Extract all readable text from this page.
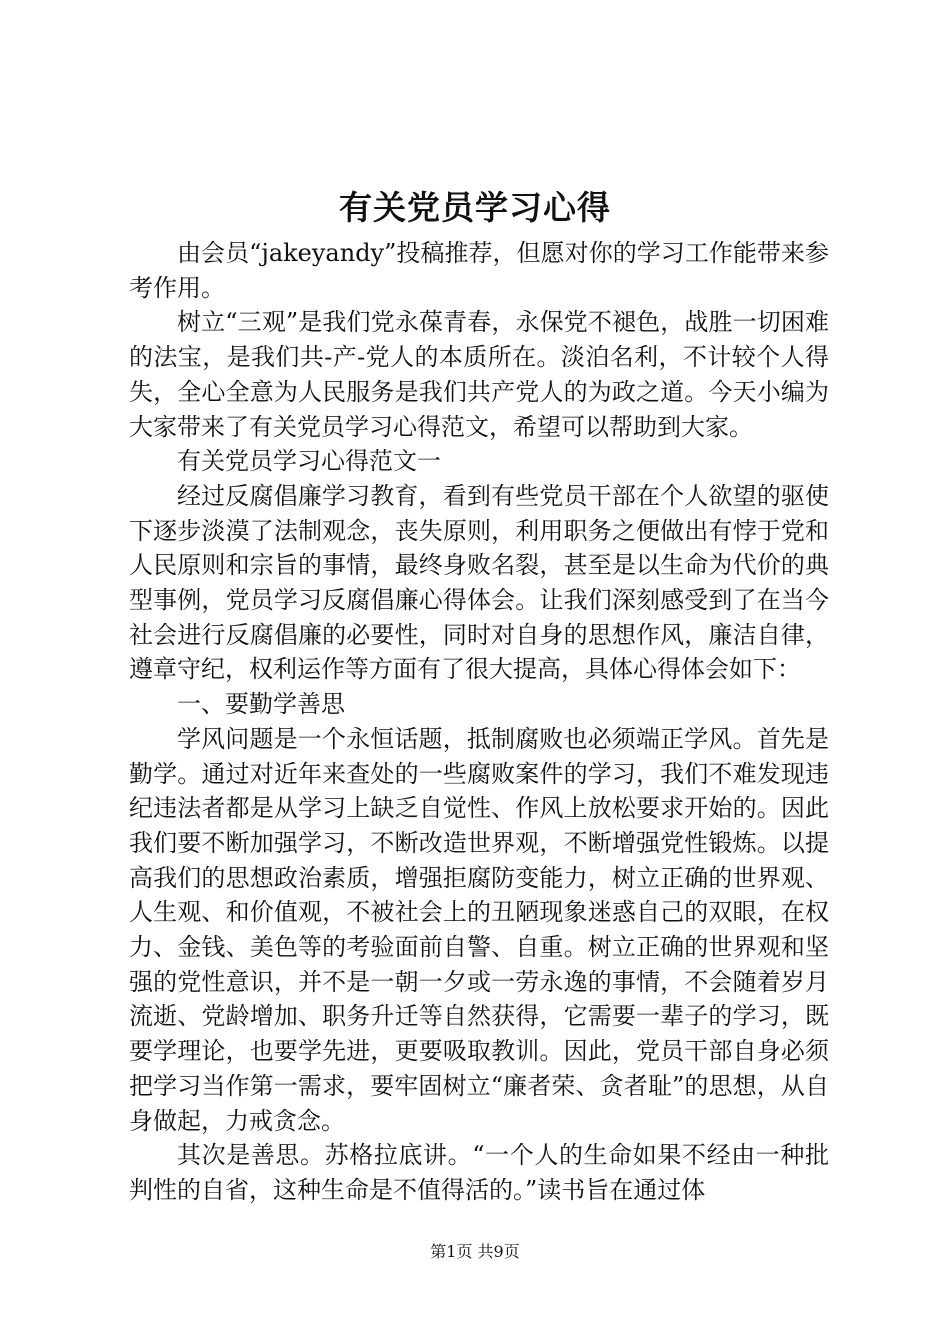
有关党员学习心得

由会员“jakeyandy”投稿推荐，但愿对你的学习工作能带来参考作用。

树立“三观”是我们党永葆青春，永保党不褪色，战胜一切困难的法宝，是我们共-产-党人的本质所在。淡泊名利，不计较个人得失，全心全意为人民服务是我们共产党人的为政之道。今天小编为大家带来了有关党员学习心得范文，希望可以帮助到大家。

有关党员学习心得范文一

经过反腐倡廉学习教育，看到有些党员干部在个人欲望的驱使下逐步淡漠了法制观念，丧失原则，利用职务之便做出有悖于党和人民原则和宗旨的事情，最终身败名裂，甚至是以生命为代价的典型事例，党员学习反腐倡廉心得体会。让我们深刻感受到了在当今社会进行反腐倡廉的必要性，同时对自身的思想作风，廉洁自律，遵章守纪，权利运作等方面有了很大提高，具体心得体会如下：

一、要勤学善思

学风问题是一个永恒话题，抵制腐败也必须端正学风。首先是勤学。通过对近年来查处的一些腐败案件的学习，我们不难发现违纪违法者都是从学习上缺乏自觉性、作风上放松要求开始的。因此我们要不断加强学习，不断改造世界观，不断增强党性锻炼。以提高我们的思想政治素质，增强拒腐防变能力，树立正确的世界观、人生观、和价值观，不被社会上的丑陋现象迷惑自己的双眼，在权力、金钱、美色等的考验面前自警、自重。树立正确的世界观和坚强的党性意识，并不是一朝一夕或一劳永逸的事情，不会随着岁月流逝、党龄增加、职务升迁等自然获得，它需要一辈子的学习，既要学理论，也要学先进，更要吸取教训。因此，党员干部自身必须把学习当作第一需求，要牢固树立“廉者荣、贪者耻”的思想，从自身做起，力戒贪念。

其次是善思。苏格拉底讲。“一个人的生命如果不经由一种批判性的自省，这种生命是不值得活的。”读书旨在通过体

第1页 共9页
